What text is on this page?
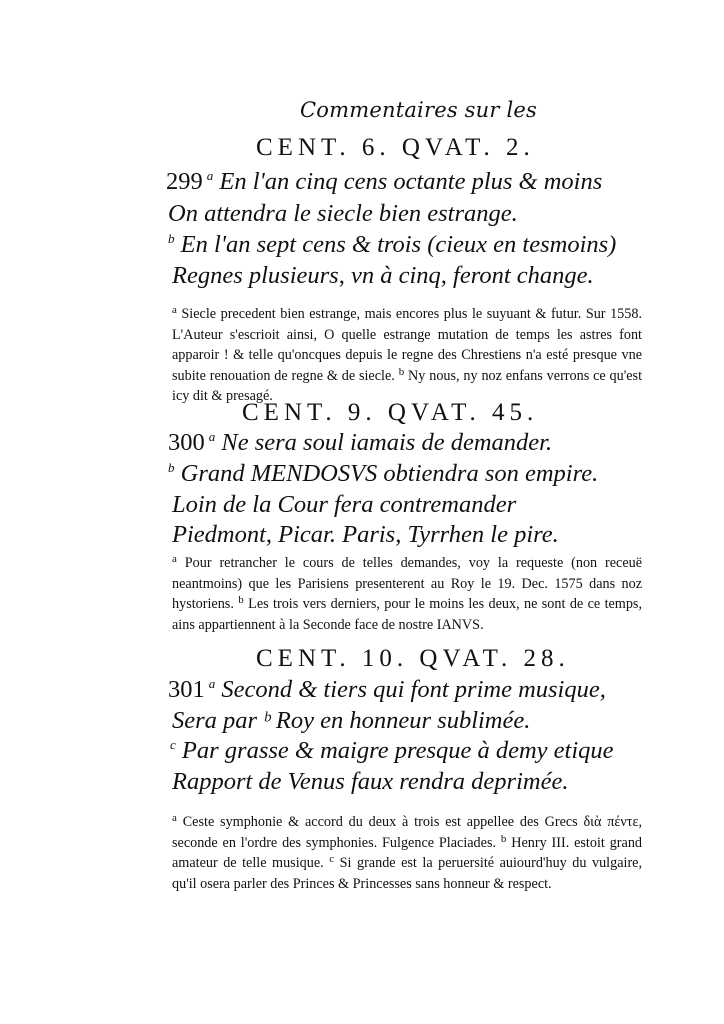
Commentaires sur les
CENT. 6. QVAT. 2.
299 $^a$ En l'an cinq cens octante plus & moins
On attendra le siecle bien estrange.
$^b$ En l'an sept cens & trois (cieux en tesmoins)
Regnes plusieurs, vn à cinq, feront change.

$^a$ Siecle precedent bien estrange, mais encores plus le suyuant & futur. Sur 1558. L'Auteur s'escrioit ainsi, O quelle estrange mutation de temps les astres font apparoir ! & telle qu'oncques depuis le regne des Chrestiens n'a esté presque vne subite renouation de regne & de siecle. $^b$ Ny nous, ny noz enfans verrons ce qu'est icy dit & presagé.

CENT. 9. QVAT. 45.
300 $^a$ Ne sera soul iamais de demander.
$^b$ Grand MENDOSVS obtiendra son empire.
Loin de la Cour fera contremander
Piedmont, Picar. Paris, Tyrrhen le pire.

$^a$ Pour retrancher le cours de telles demandes, voy la requeste (non receuë neantmoins) que les Parisiens presenterent au Roy le 19. Dec. 1575 dans noz hystoriens. $^b$ Les trois vers derniers, pour le moins les deux, ne sont de ce temps, ains appartiennent à la Seconde face de nostre IANVS.

CENT. 10. QVAT. 28.
301 $^a$ Second & tiers qui font prime musique,
Sera par ᵇ Roy en honneur sublimée.
$^c$ Par grasse & maigre presque à demy etique
Rapport de Venus faux rendra deprimée.

$^a$ Ceste symphonie & accord du deux à trois est appellee des Grecs διὰ πέντε, seconde en l'ordre des symphonies. Fulgence Placiades. $^b$ Henry III. estoit grand amateur de telle musique. $^c$ Si grande est la peruersité auiourd'huy du vulgaire, qu'il osera parler des Princes & Princesses sans honneur & respect.
